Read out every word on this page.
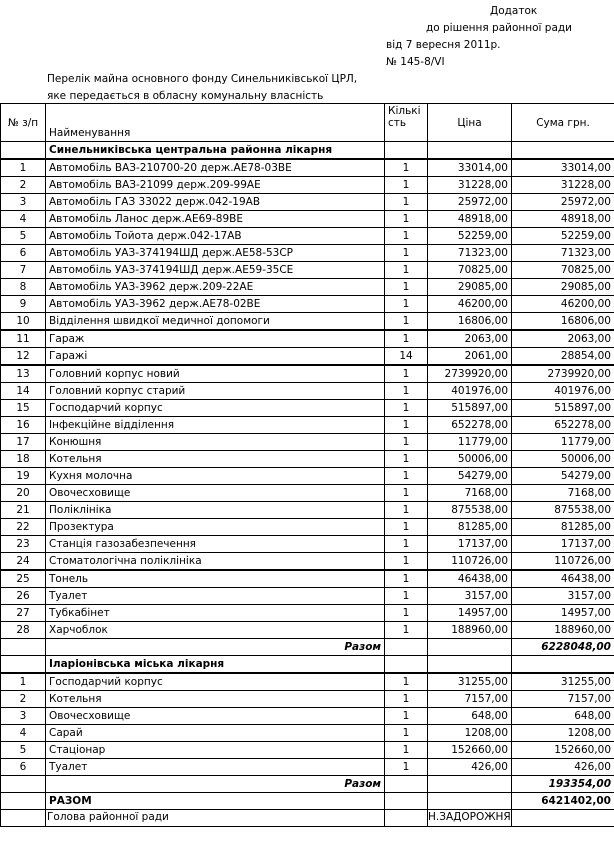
Додаток
до рішення районної ради
від 7 вересня 2011р.
№ 145-8/VI
Перелік майна основного фонду Синельниківської ЦРЛ,
яке передається в обласну комунальну власність
№ з/п	Найменування	Кількість	Ціна	Сума грн.
	Синельниківська центральна районна лікарня			
1	Автомобіль ВАЗ-210700-20 держ.АЕ78-03ВЕ	1	33014,00	33014,00
2	Автомобіль ВАЗ-21099 держ.209-99АЕ	1	31228,00	31228,00
3	Автомобіль ГАЗ 33022 держ.042-19АВ	1	25972,00	25972,00
4	Автомобіль Ланос держ.АЕ69-89ВЕ	1	48918,00	48918,00
5	Автомобіль Тойота держ.042-17АВ	1	52259,00	52259,00
6	Автомобіль УАЗ-374194ШД держ.АЕ58-53СР	1	71323,00	71323,00
7	Автомобіль УАЗ-374194ШД держ.АЕ59-35СЕ	1	70825,00	70825,00
8	Автомобіль УАЗ-3962 держ.209-22АЕ	1	29085,00	29085,00
9	Автомобіль УАЗ-3962 держ.АЕ78-02ВЕ	1	46200,00	46200,00
10	Відділення швидкої медичної допомоги	1	16806,00	16806,00
11	Гараж	1	2063,00	2063,00
12	Гаражі	14	2061,00	28854,00
13	Головний корпус новий	1	2739920,00	2739920,00
14	Головний корпус старий	1	401976,00	401976,00
15	Господарчий корпус	1	515897,00	515897,00
16	Інфекційне відділення	1	652278,00	652278,00
17	Конюшня	1	11779,00	11779,00
18	Котельня	1	50006,00	50006,00
19	Кухня молочна	1	54279,00	54279,00
20	Овочесховище	1	7168,00	7168,00
21	Поліклініка	1	875538,00	875538,00
22	Прозектура	1	81285,00	81285,00
23	Станція газозабезпечення	1	17137,00	17137,00
24	Стоматологічна поліклініка	1	110726,00	110726,00
25	Тонель	1	46438,00	46438,00
26	Туалет	1	3157,00	3157,00
27	Тубкабінет	1	14957,00	14957,00
28	Харчоблок	1	188960,00	188960,00
	Разом			6228048,00
	Іларіонівська міська лікарня			
1	Господарчий корпус	1	31255,00	31255,00
2	Котельня	1	7157,00	7157,00
3	Овочесховище	1	648,00	648,00
4	Сарай	1	1208,00	1208,00
5	Стаціонар	1	152660,00	152660,00
6	Туалет	1	426,00	426,00
	Разом			193354,00
	РАЗОМ			6421402,00

Голова районної ради	Н.ЗАДОРОЖНЯ
